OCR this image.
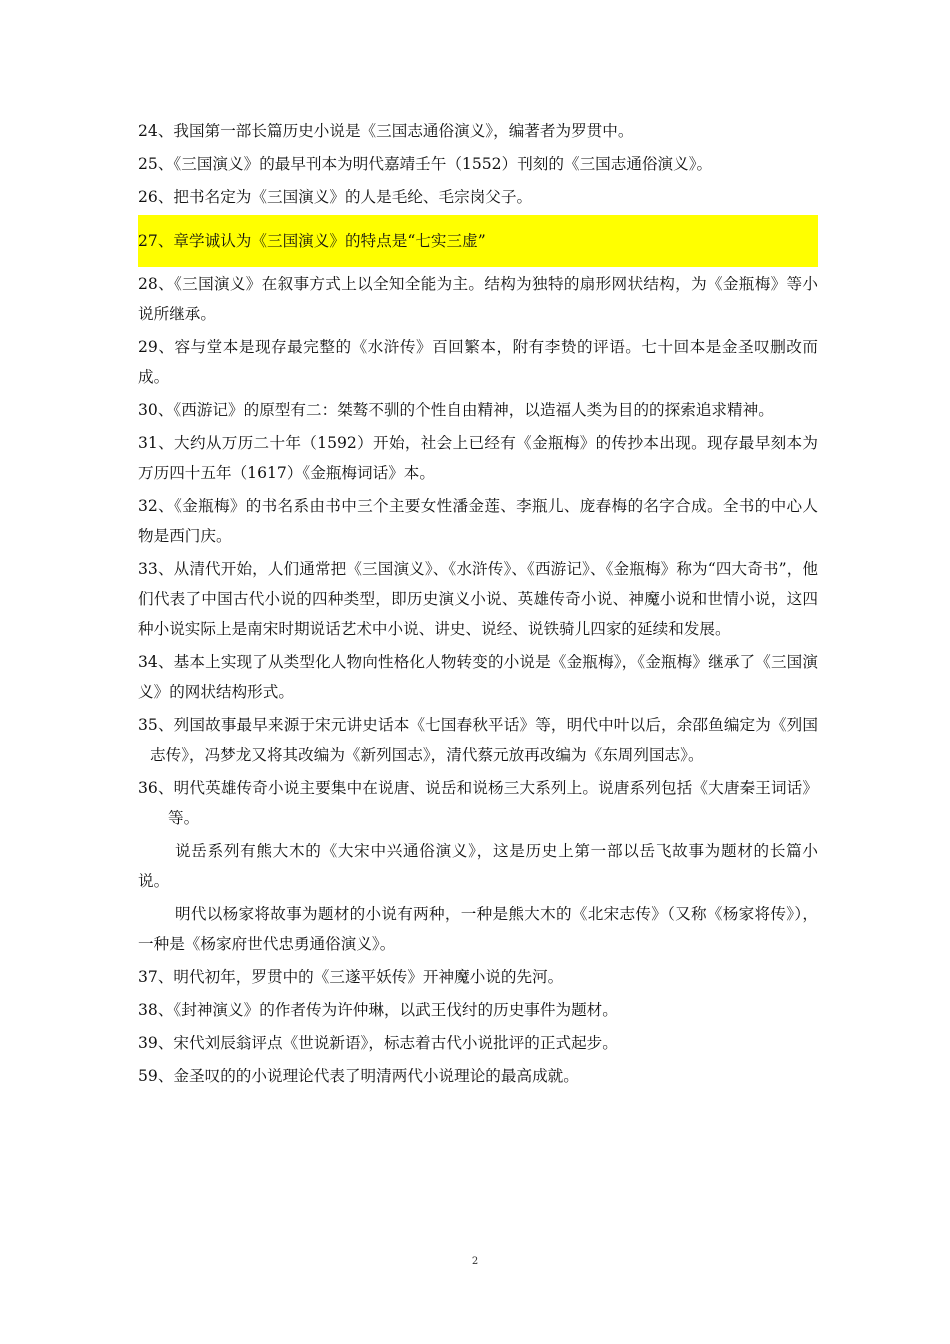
24、我国第一部长篇历史小说是《三国志通俗演义》，编著者为罗贯中。

25、《三国演义》的最早刊本为明代嘉靖壬午（1552）刊刻的《三国志通俗演义》。

26、把书名定为《三国演义》的人是毛纶、毛宗岗父子。

27、章学诚认为《三国演义》的特点是“七实三虚”

28、《三国演义》在叙事方式上以全知全能为主。结构为独特的扇形网状结构，为《金瓶梅》等小说所继承。

29、容与堂本是现存最完整的《水浒传》百回繁本，附有李贽的评语。七十回本是金圣叹删改而成。

30、《西游记》的原型有二：桀骜不驯的个性自由精神，以造福人类为目的的探索追求精神。

31、大约从万历二十年（1592）开始，社会上已经有《金瓶梅》的传抄本出现。现存最早刻本为万历四十五年（1617）《金瓶梅词话》本。

32、《金瓶梅》的书名系由书中三个主要女性潘金莲、李瓶儿、庞春梅的名字合成。全书的中心人物是西门庆。

33、从清代开始，人们通常把《三国演义》、《水浒传》、《西游记》、《金瓶梅》称为“四大奇书”，他们代表了中国古代小说的四种类型，即历史演义小说、英雄传奇小说、神魔小说和世情小说，这四种小说实际上是南宋时期说话艺术中小说、讲史、说经、说铁骑儿四家的延续和发展。

34、基本上实现了从类型化人物向性格化人物转变的小说是《金瓶梅》，《金瓶梅》继承了《三国演义》的网状结构形式。

35、列国故事最早来源于宋元讲史话本《七国春秋平话》等，明代中叶以后，余邵鱼编定为《列国志传》，冯梦龙又将其改编为《新列国志》，清代蔡元放再改编为《东周列国志》。

36、明代英雄传奇小说主要集中在说唐、说岳和说杨三大系列上。说唐系列包括《大唐秦王词话》等。

说岳系列有熊大木的《大宋中兴通俗演义》，这是历史上第一部以岳飞故事为题材的长篇小说。

明代以杨家将故事为题材的小说有两种，一种是熊大木的《北宋志传》（又称《杨家将传》），一种是《杨家府世代忠勇通俗演义》。

37、明代初年，罗贯中的《三遂平妖传》开神魔小说的先河。

38、《封神演义》的作者传为许仲琳，以武王伐纣的历史事件为题材。

39、宋代刘辰翁评点《世说新语》，标志着古代小说批评的正式起步。

59、金圣叹的的小说理论代表了明清两代小说理论的最高成就。

2
